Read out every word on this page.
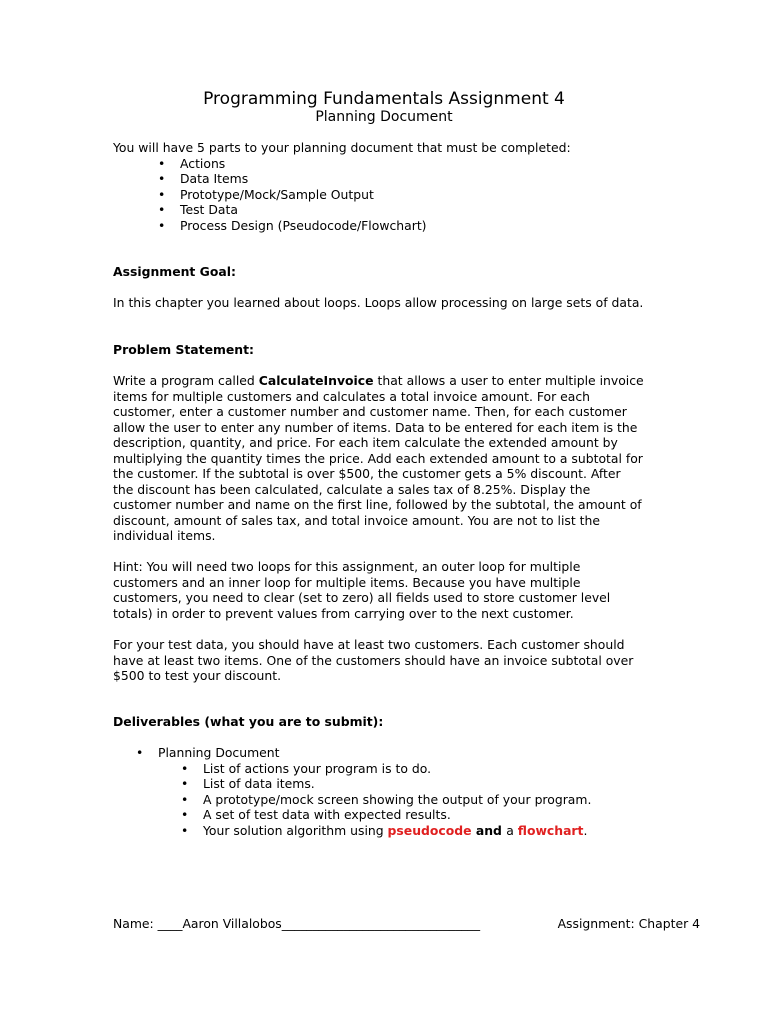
Programming Fundamentals Assignment 4
Planning Document

You will have 5 parts to your planning document that must be completed:

• Actions
• Data Items
• Prototype/Mock/Sample Output
• Test Data
• Process Design (Pseudocode/Flowchart)

Assignment Goal:

In this chapter you learned about loops. Loops allow processing on large sets of data.

Problem Statement:

Write a program called CalculateInvoice that allows a user to enter multiple invoice
items for multiple customers and calculates a total invoice amount. For each
customer, enter a customer number and customer name. Then, for each customer
allow the user to enter any number of items. Data to be entered for each item is the
description, quantity, and price. For each item calculate the extended amount by
multiplying the quantity times the price. Add each extended amount to a subtotal for
the customer. If the subtotal is over $500, the customer gets a 5% discount. After
the discount has been calculated, calculate a sales tax of 8.25%. Display the
customer number and name on the first line, followed by the subtotal, the amount of
discount, amount of sales tax, and total invoice amount. You are not to list the
individual items.
Hint: You will need two loops for this assignment, an outer loop for multiple
customers and an inner loop for multiple items. Because you have multiple
customers, you need to clear (set to zero) all fields used to store customer level
totals) in order to prevent values from carrying over to the next customer.
For your test data, you should have at least two customers. Each customer should
have at least two items. One of the customers should have an invoice subtotal over
$500 to test your discount.

Deliverables (what you are to submit):

• Planning Document
• List of actions your program is to do.
• List of data items.
• A prototype/mock screen showing the output of your program.
• A set of test data with expected results.
• Your solution algorithm using pseudocode and a flowchart.
Name: ____Aaron Villalobos________________________________	Assignment: Chapter 4
